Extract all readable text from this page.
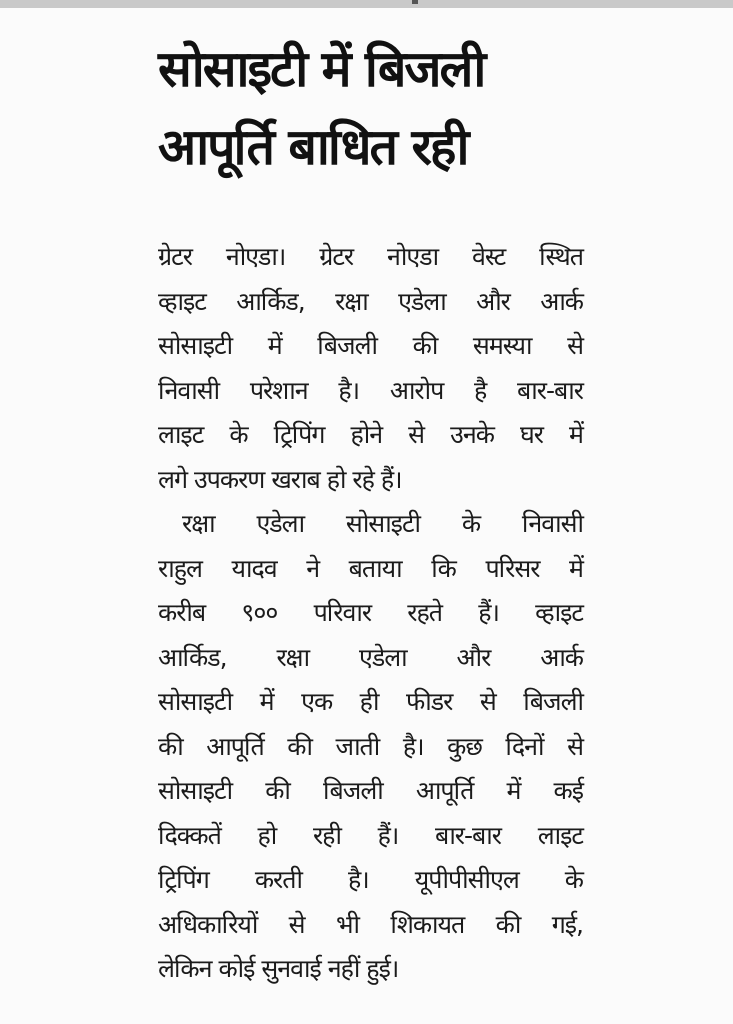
सोसाइटी में बिजली
आपूर्ति बाधित रही
ग्रेटर नोएडा। ग्रेटर नोएडा वेस्ट स्थित
व्हाइट आर्किड, रक्षा एडेला और आर्क
सोसाइटी में बिजली की समस्या से
निवासी परेशान है। आरोप है बार-बार
लाइट के ट्रिपिंग होने से उनके घर में
लगे उपकरण खराब हो रहे हैं।
रक्षा एडेला सोसाइटी के निवासी
राहुल यादव ने बताया कि परिसर में
करीब ९०० परिवार रहते हैं। व्हाइट
आर्किड, रक्षा एडेला और आर्क
सोसाइटी में एक ही फीडर से बिजली
की आपूर्ति की जाती है। कुछ दिनों से
सोसाइटी की बिजली आपूर्ति में कई
दिक्कतें हो रही हैं। बार-बार लाइट
ट्रिपिंग करती है। यूपीपीसीएल के
अधिकारियों से भी शिकायत की गई,
लेकिन कोई सुनवाई नहीं हुई।
